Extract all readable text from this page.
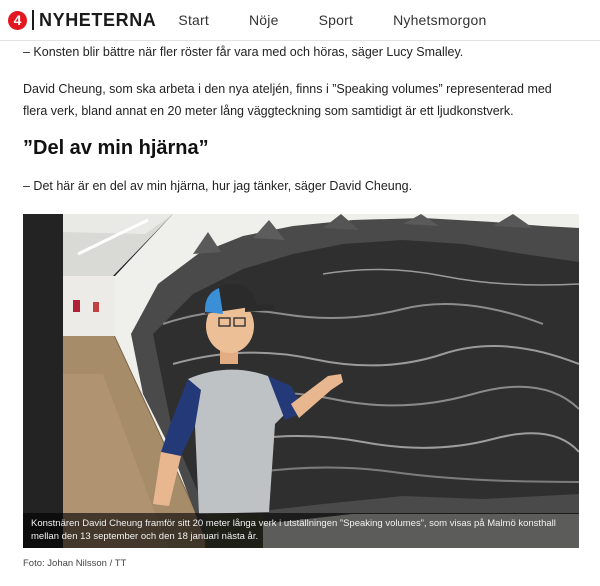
4 NYHETERNA Start	Nöje	Sport	Nyhetsmorgon

– Konsten blir bättre när fler röster får vara med och höras, säger Lucy Smalley.

David Cheung, som ska arbeta i den nya ateljén, finns i ”Speaking volumes” representerad med flera verk, bland annat en 20 meter lång väggteckning som samtidigt är ett ljudkonstverk.

”Del av min hjärna”

– Det här är en del av min hjärna, hur jag tänker, säger David Cheung.

Konstnären David Cheung framför sitt 20 meter långa verk i utställningen ”Speaking volumes”, som visas på Malmö konsthall mellan den 13 september och den 18 januari nästa år.
Foto: Johan Nilsson / TT
